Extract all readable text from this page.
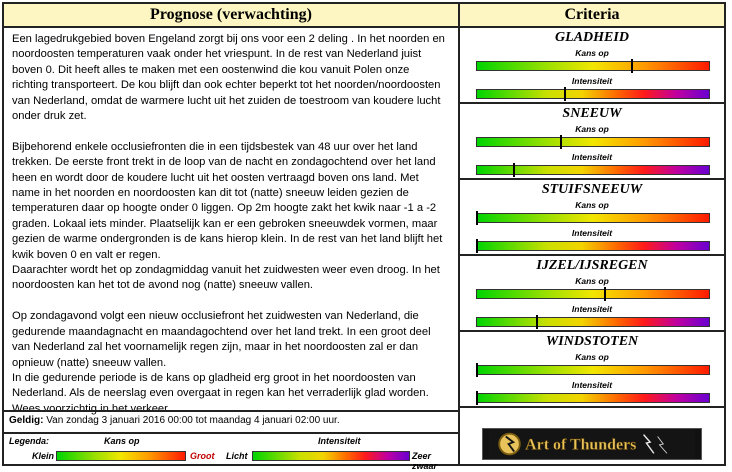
Prognose (verwachting)

Een lagedrukgebied boven Engeland zorgt bij ons voor een 2 deling . In het noorden en noordoosten temperaturen vaak onder het vriespunt. In de rest van Nederland juist boven 0. Dit heeft alles te maken met een oostenwind die kou vanuit Polen onze richting transporteert. De kou blijft dan ook echter beperkt tot het noorden/noordoosten van Nederland, omdat de warmere lucht uit het zuiden de toestroom van koudere lucht onder druk zet.

Bijbehorend enkele occlusiefronten die in een tijdsbestek van 48 uur over het land trekken. De eerste front trekt in de loop van de nacht en zondagochtend over het land heen en wordt door de koudere lucht uit het oosten vertraagd boven ons land. Met name in het noorden en noordoosten kan dit tot (natte) sneeuw leiden gezien de temperaturen daar op hoogte onder 0 liggen. Op 2m hoogte zakt het kwik naar -1 a -2 graden. Lokaal iets minder. Plaatselijk kan er een gebroken sneeuwdek vormen, maar gezien de warme ondergronden is de kans hierop klein. In de rest van het land blijft het kwik boven 0 en valt er regen.

Daarachter wordt het op zondagmiddag vanuit het zuidwesten weer even droog. In het noordoosten kan het tot de avond nog (natte) sneeuw vallen.

Op zondagavond volgt een nieuw occlusiefront het zuidwesten van Nederland, die gedurende maandagnacht en maandagochtend over het land trekt. In een groot deel van Nederland zal het voornamelijk regen zijn, maar in het noordoosten zal er dan opnieuw (natte) sneeuw vallen.

In die gedurende periode is de kans op gladheid erg groot in het noordoosten van Nederland. Als de neerslag even overgaat in regen kan het verraderlijk glad worden. Wees voorzichtig in het verkeer.

Geldig: Van zondag 3 januari 2016 00:00 tot maandag 4 januari 02:00 uur.
Legenda:	Kans op	Intensiteit
Klein	Groot Licht	Zeer zwaar
Criteria
GLADHEID
Kans op
Intensiteit
SNEEUW
Kans op
Intensiteit
STUIFSNEEUW
Kans op
Intensiteit
IJZEL/IJSREGEN
Kans op
Intensiteit
WINDSTOTEN
Kans op
Intensiteit
Art of Thunders
